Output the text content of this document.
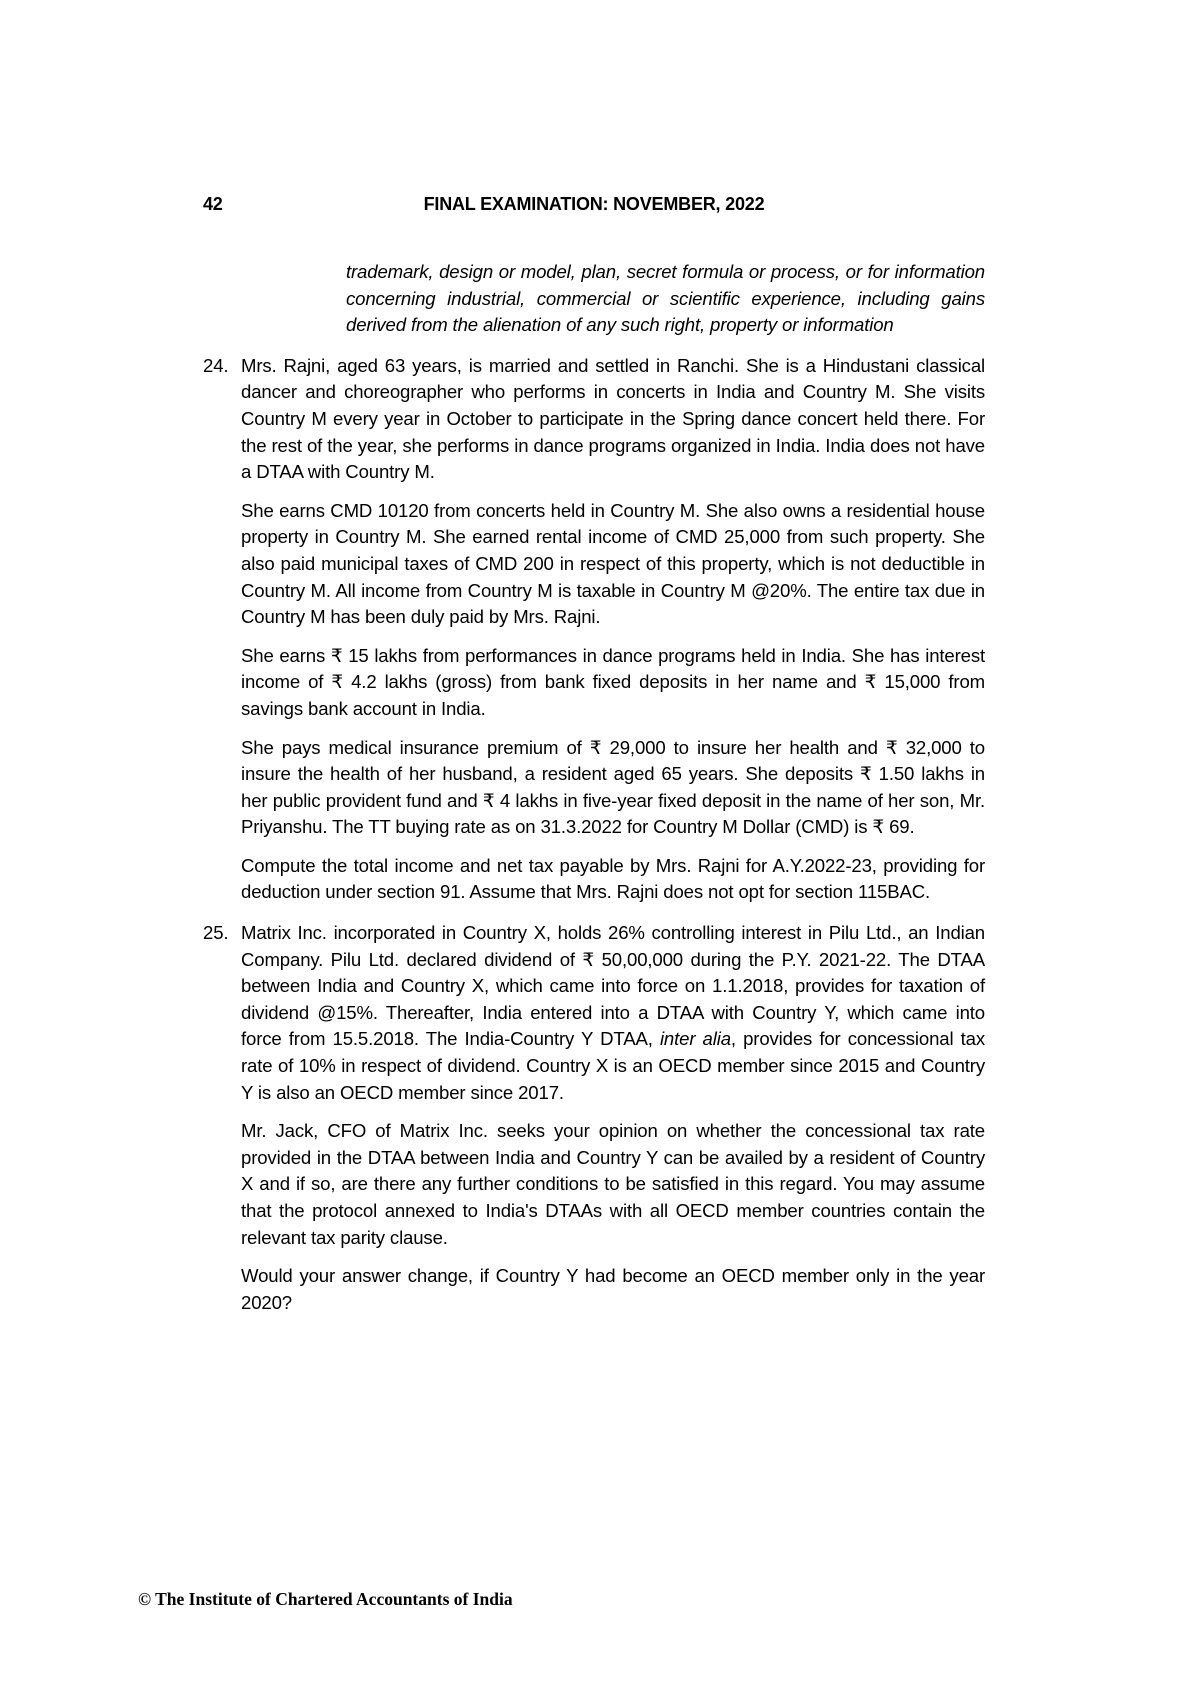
42	FINAL EXAMINATION: NOVEMBER, 2022
trademark, design or model, plan, secret formula or process, or for information concerning industrial, commercial or scientific experience, including gains derived from the alienation of any such right, property or information
24. Mrs. Rajni, aged 63 years, is married and settled in Ranchi. She is a Hindustani classical dancer and choreographer who performs in concerts in India and Country M. She visits Country M every year in October to participate in the Spring dance concert held there. For the rest of the year, she performs in dance programs organized in India. India does not have a DTAA with Country M.

She earns CMD 10120 from concerts held in Country M. She also owns a residential house property in Country M. She earned rental income of CMD 25,000 from such property. She also paid municipal taxes of CMD 200 in respect of this property, which is not deductible in Country M. All income from Country M is taxable in Country M @20%. The entire tax due in Country M has been duly paid by Mrs. Rajni.

She earns ₹ 15 lakhs from performances in dance programs held in India. She has interest income of ₹ 4.2 lakhs (gross) from bank fixed deposits in her name and ₹ 15,000 from savings bank account in India.

She pays medical insurance premium of ₹ 29,000 to insure her health and ₹ 32,000 to insure the health of her husband, a resident aged 65 years. She deposits ₹ 1.50 lakhs in her public provident fund and ₹ 4 lakhs in five-year fixed deposit in the name of her son, Mr. Priyanshu. The TT buying rate as on 31.3.2022 for Country M Dollar (CMD) is ₹ 69.

Compute the total income and net tax payable by Mrs. Rajni for A.Y.2022-23, providing for deduction under section 91. Assume that Mrs. Rajni does not opt for section 115BAC.

25. Matrix Inc. incorporated in Country X, holds 26% controlling interest in Pilu Ltd., an Indian Company. Pilu Ltd. declared dividend of ₹ 50,00,000 during the P.Y. 2021-22. The DTAA between India and Country X, which came into force on 1.1.2018, provides for taxation of dividend @15%. Thereafter, India entered into a DTAA with Country Y, which came into force from 15.5.2018. The India-Country Y DTAA, inter alia, provides for concessional tax rate of 10% in respect of dividend. Country X is an OECD member since 2015 and Country Y is also an OECD member since 2017.

Mr. Jack, CFO of Matrix Inc. seeks your opinion on whether the concessional tax rate provided in the DTAA between India and Country Y can be availed by a resident of Country X and if so, are there any further conditions to be satisfied in this regard. You may assume that the protocol annexed to India's DTAAs with all OECD member countries contain the relevant tax parity clause.

Would your answer change, if Country Y had become an OECD member only in the year 2020?

© The Institute of Chartered Accountants of India
